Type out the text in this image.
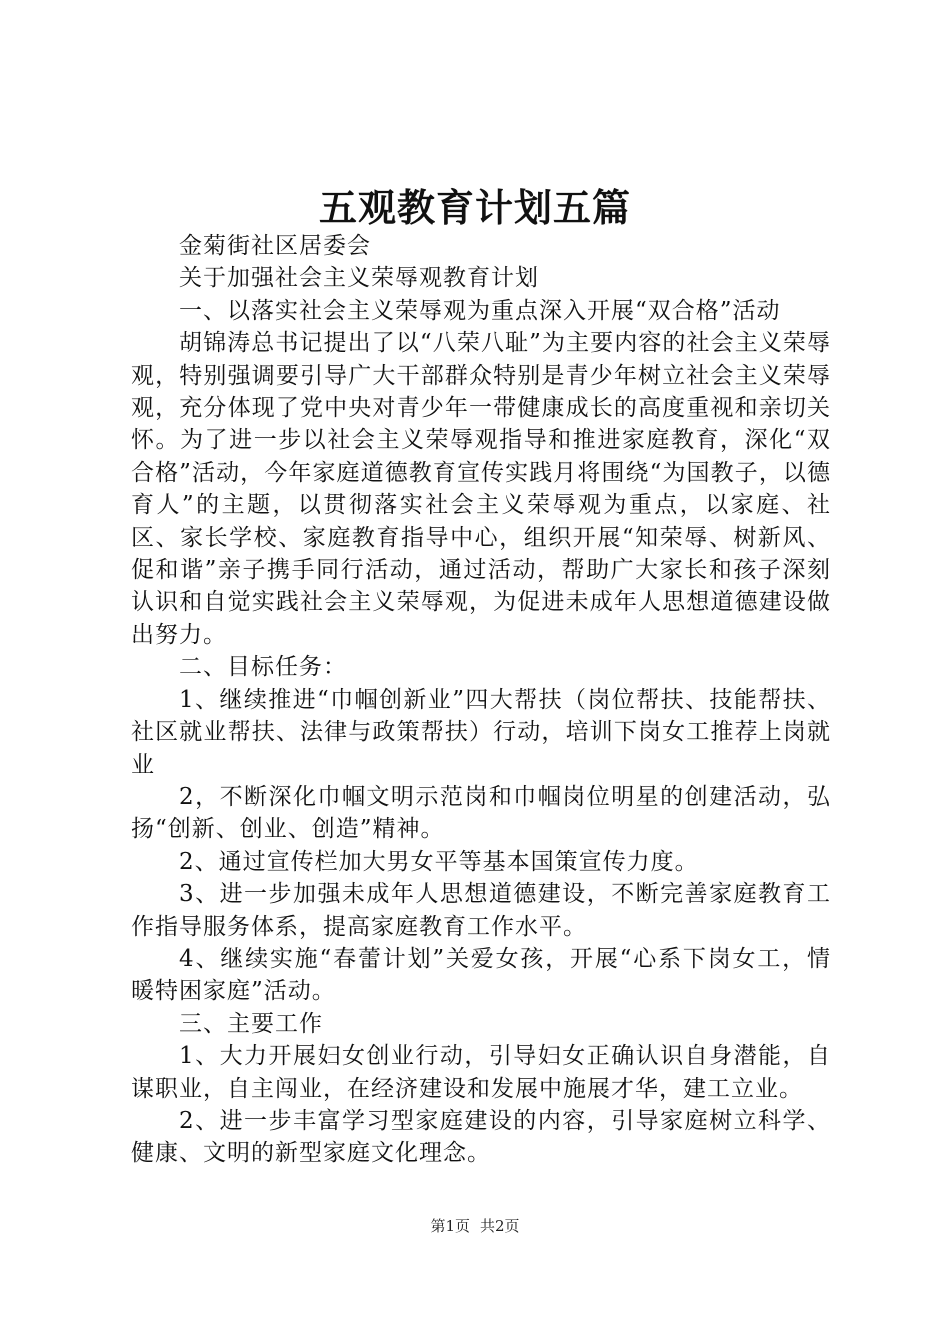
五观教育计划五篇

金菊街社区居委会

关于加强社会主义荣辱观教育计划

一、以落实社会主义荣辱观为重点深入开展“双合格”活动

胡锦涛总书记提出了以“八荣八耻”为主要内容的社会主义荣辱观，特别强调要引导广大干部群众特别是青少年树立社会主义荣辱观，充分体现了党中央对青少年一带健康成长的高度重视和亲切关怀。为了进一步以社会主义荣辱观指导和推进家庭教育，深化“双合格”活动，今年家庭道德教育宣传实践月将围绕“为国教子，以德育人”的主题，以贯彻落实社会主义荣辱观为重点，以家庭、社区、家长学校、家庭教育指导中心，组织开展“知荣辱、树新风、促和谐”亲子携手同行活动，通过活动，帮助广大家长和孩子深刻认识和自觉实践社会主义荣辱观，为促进未成年人思想道德建设做出努力。

二、目标任务：

1、继续推进“巾帼创新业”四大帮扶（岗位帮扶、技能帮扶、社区就业帮扶、法律与政策帮扶）行动，培训下岗女工推荐上岗就业

2，不断深化巾帼文明示范岗和巾帼岗位明星的创建活动，弘扬“创新、创业、创造”精神。

2、通过宣传栏加大男女平等基本国策宣传力度。

3、进一步加强未成年人思想道德建设，不断完善家庭教育工作指导服务体系，提高家庭教育工作水平。

4、继续实施“春蕾计划”关爱女孩，开展“心系下岗女工，情暖特困家庭”活动。

三、主要工作

1、大力开展妇女创业行动，引导妇女正确认识自身潜能，自谋职业，自主闯业，在经济建设和发展中施展才华，建工立业。

2、进一步丰富学习型家庭建设的内容，引导家庭树立科学、健康、文明的新型家庭文化理念。

第1页 共2页
